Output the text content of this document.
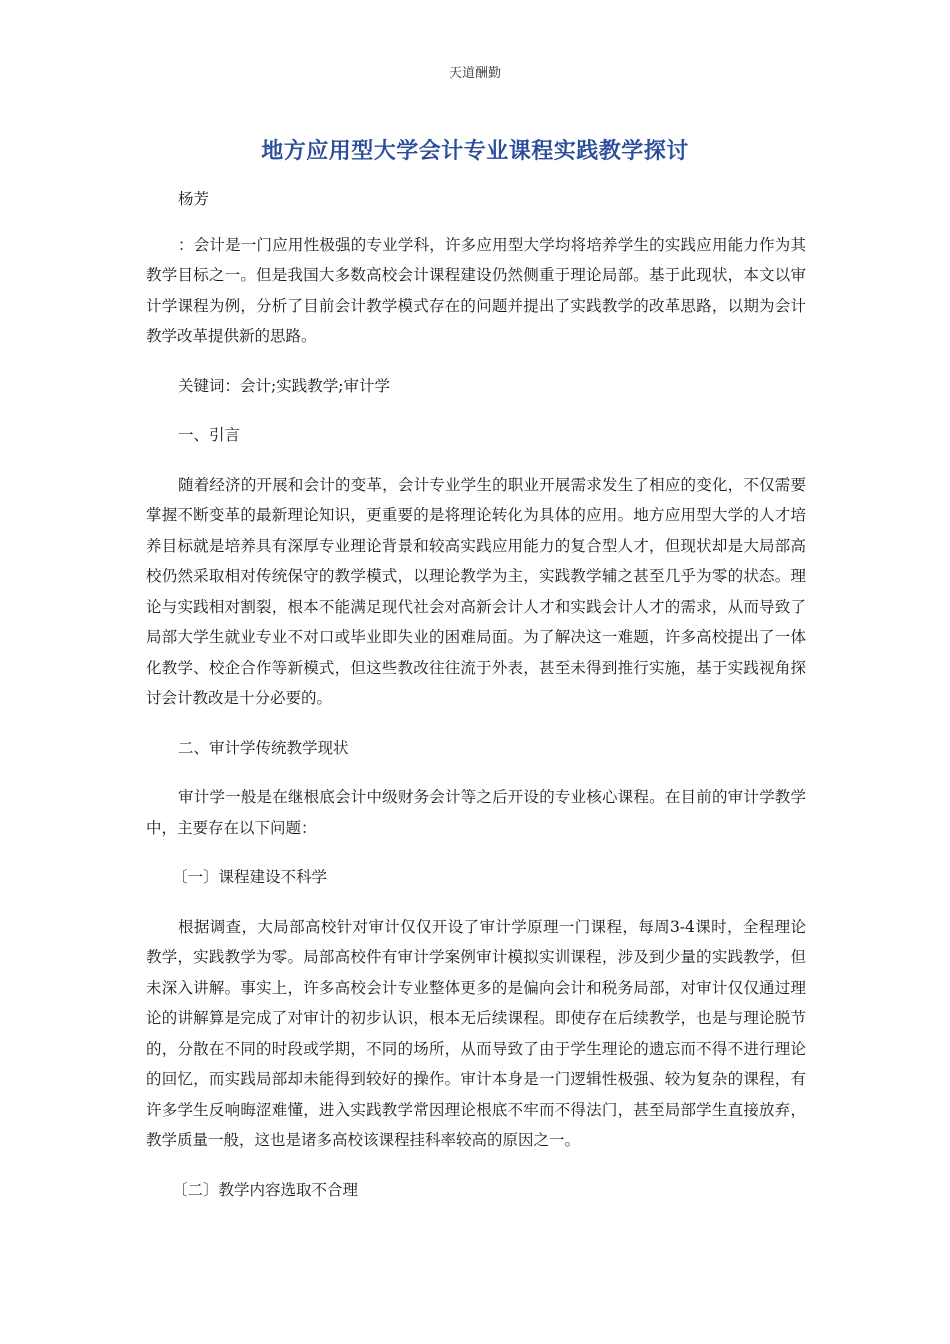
天道酬勤
地方应用型大学会计专业课程实践教学探讨

杨芳

：会计是一门应用性极强的专业学科，许多应用型大学均将培养学生的实践应用能力作为其教学目标之一。但是我国大多数高校会计课程建设仍然侧重于理论局部。基于此现状，本文以审计学课程为例，分析了目前会计教学模式存在的问题并提出了实践教学的改革思路，以期为会计教学改革提供新的思路。

关键词：会计;实践教学;审计学

一、引言

随着经济的开展和会计的变革，会计专业学生的职业开展需求发生了相应的变化，不仅需要掌握不断变革的最新理论知识，更重要的是将理论转化为具体的应用。地方应用型大学的人才培养目标就是培养具有深厚专业理论背景和较高实践应用能力的复合型人才，但现状却是大局部高校仍然采取相对传统保守的教学模式，以理论教学为主，实践教学辅之甚至几乎为零的状态。理论与实践相对割裂，根本不能满足现代社会对高新会计人才和实践会计人才的需求，从而导致了局部大学生就业专业不对口或毕业即失业的困难局面。为了解决这一难题，许多高校提出了一体化教学、校企合作等新模式，但这些教改往往流于外表，甚至未得到推行实施，基于实践视角探讨会计教改是十分必要的。

二、审计学传统教学现状

审计学一般是在继根底会计中级财务会计等之后开设的专业核心课程。在目前的审计学教学中，主要存在以下问题：

〔一〕课程建设不科学

根据调查，大局部高校针对审计仅仅开设了审计学原理一门课程，每周3-4课时，全程理论教学，实践教学为零。局部高校件有审计学案例审计模拟实训课程，涉及到少量的实践教学，但未深入讲解。事实上，许多高校会计专业整体更多的是偏向会计和税务局部，对审计仅仅通过理论的讲解算是完成了对审计的初步认识，根本无后续课程。即使存在后续教学，也是与理论脱节的，分散在不同的时段或学期，不同的场所，从而导致了由于学生理论的遗忘而不得不进行理论的回忆，而实践局部却未能得到较好的操作。审计本身是一门逻辑性极强、较为复杂的课程，有许多学生反响晦涩难懂，进入实践教学常因理论根底不牢而不得法门，甚至局部学生直接放弃，教学质量一般，这也是诸多高校该课程挂科率较高的原因之一。

〔二〕教学内容选取不合理
